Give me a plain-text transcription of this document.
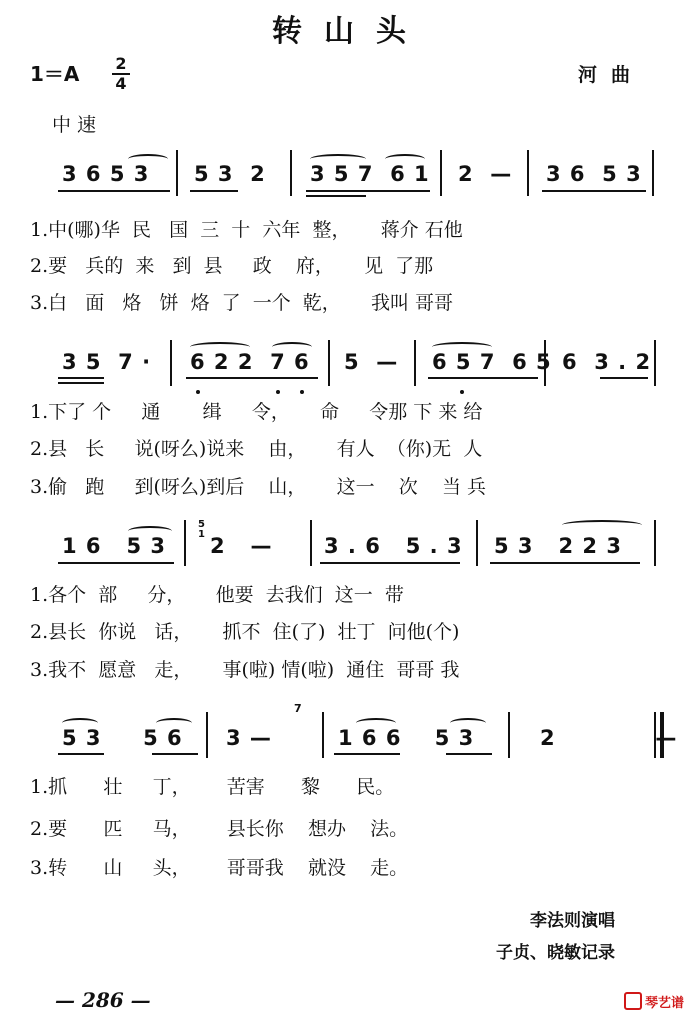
转山头
1＝A 2
4	河曲
中速
3 6 5 3 5 3  2 3 5 7  6 1 2  — 3 6  5 3
1.中(哪)华  民   国  三  十  六年  整，     蒋介 石他
2.要   兵的  来   到  县     政    府，     见  了那
3.白   面   烙   饼  烙  了  一个  乾，     我叫 哥哥
3 5  7 · 6 2 2  7 6 5  — 6 5 7  6 5 6  3 . 2
1.下了 个     通       缉     令，     命     令那 下 来 给
2.县   长     说(呀么)说来    由，     有人  （你)无  人
3.偷   跑     到(呀么)到后    山，     这一    次    当 兵
1 6   5 3 2   — 3 . 6   5 . 3 5 3   2 2 3
5
1
1.各个  部     分，     他要  去我们  这一  带
2.县长  你说   话，     抓不  住(了)  壮丁  问他(个)
3.我不  愿意   走，     事(啦) 情(啦)  通住  哥哥 我
5 3     5 6 3 —	1 6 6    5 3	2            —
7
1.抓      壮     丁，      苦害      黎      民。
2.要      匹     马，      县长你    想办    法。
3.转      山     头，      哥哥我    就没    走。
李法则演唱
子贞、晓敏记录
— 286 —	琴艺谱
